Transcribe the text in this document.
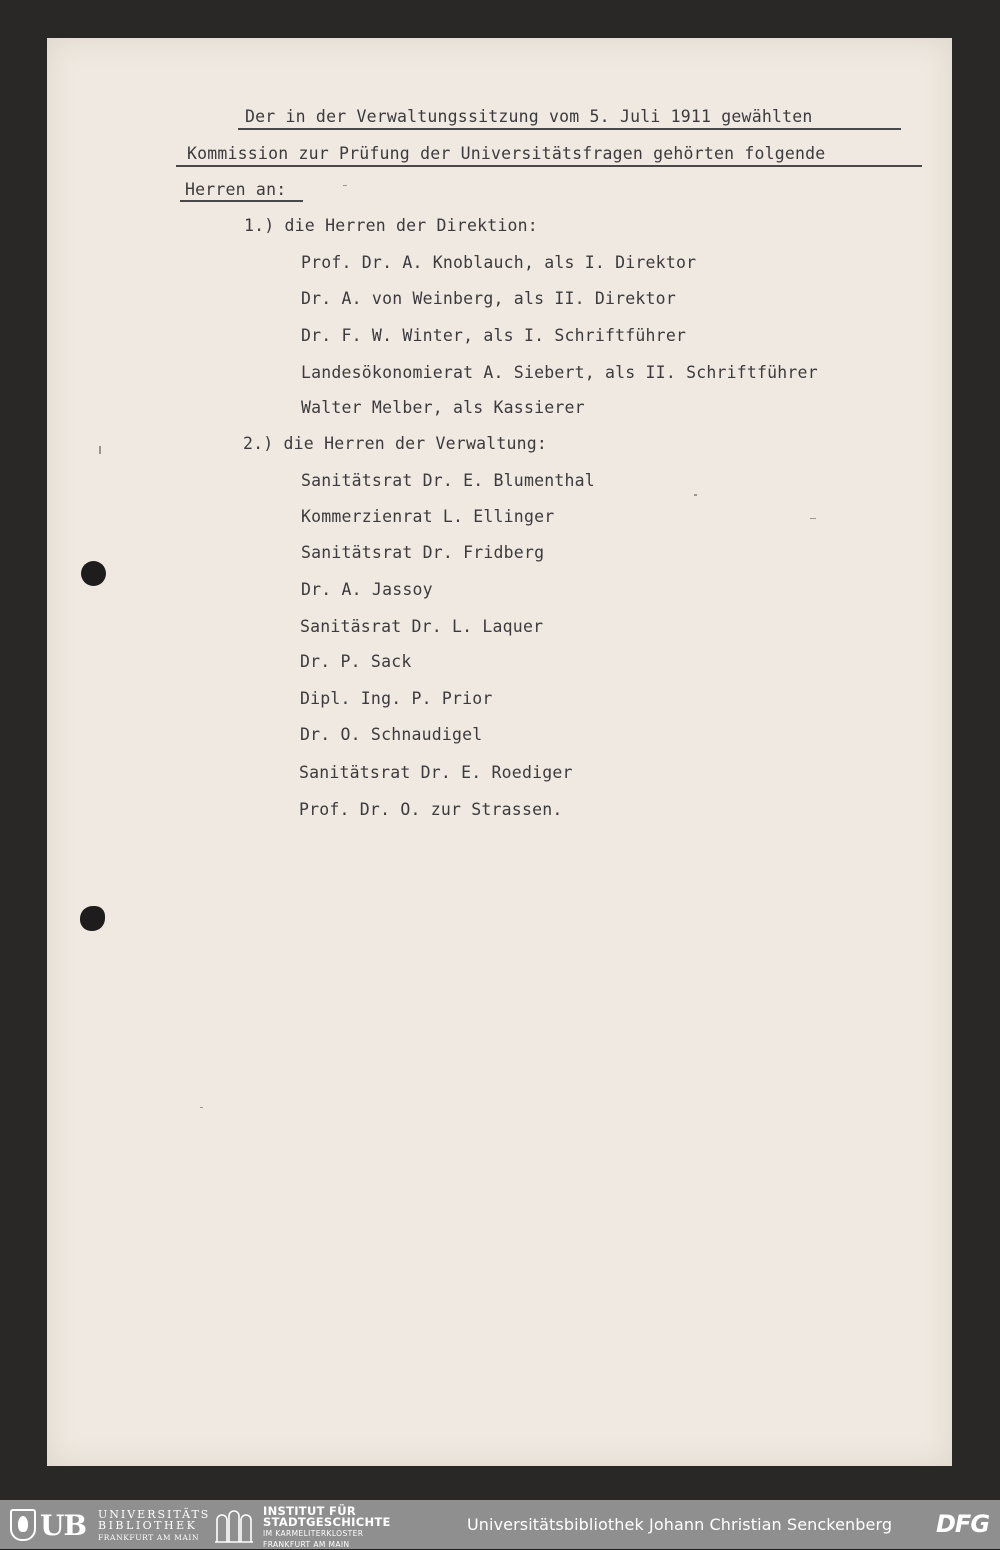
Der in der Verwaltungssitzung vom 5. Juli 1911 gewählten
Kommission zur Prüfung der Universitätsfragen gehörten folgende
Herren an:
1.) die Herren der Direktion:
Prof. Dr. A. Knoblauch, als I. Direktor
Dr. A. von Weinberg, als II. Direktor
Dr. F. W. Winter, als I. Schriftführer
Landesökonomierat A. Siebert, als II. Schriftführer
Walter Melber, als Kassierer
2.) die Herren der Verwaltung:
Sanitätsrat Dr. E. Blumenthal
Kommerzienrat L. Ellinger
Sanitätsrat Dr. Fridberg
Dr. A. Jassoy
Sanitäsrat Dr. L. Laquer
Dr. P. Sack
Dipl. Ing. P. Prior
Dr. O. Schnaudigel
Sanitätsrat Dr. E. Roediger
Prof. Dr. O. zur Strassen.
UB UNIVERSITÄTS
BIBLIOTHEK
FRANKFURT AM MAIN
INSTITUT FÜR
STADTGESCHICHTE
IM KARMELITERKLOSTER
FRANKFURT AM MAIN
Universitätsbibliothek Johann Christian Senckenberg DFG
